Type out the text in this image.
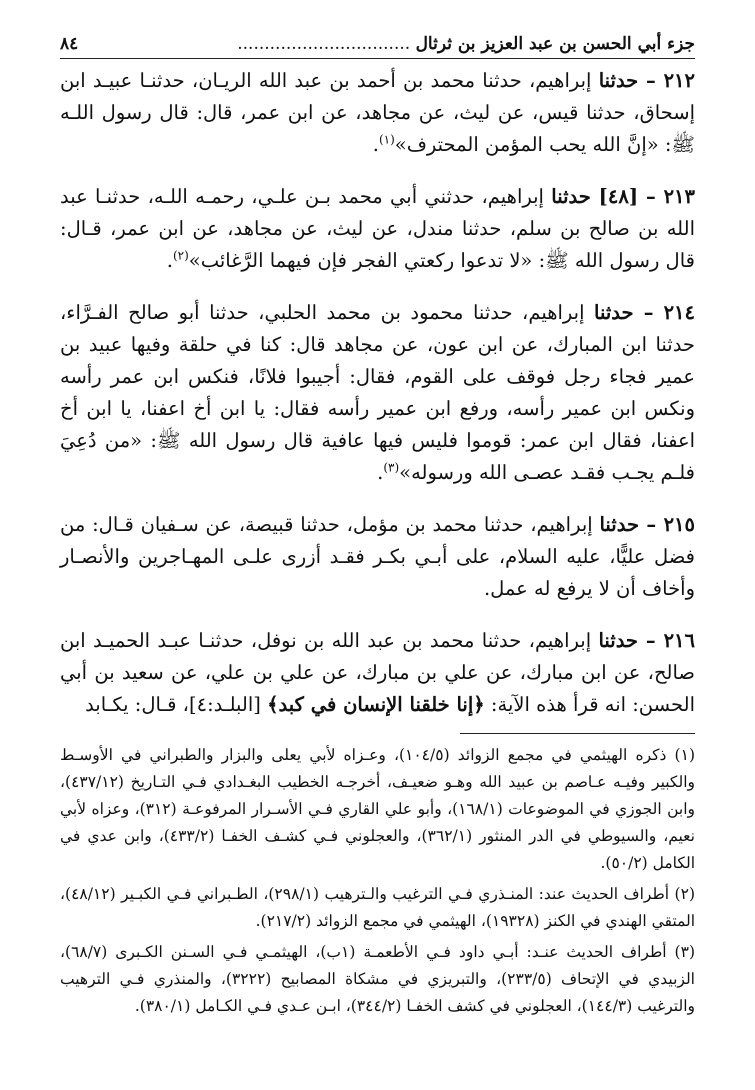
جزء أبي الحسن بن عبد العزيز بن ثرثال .....
٨٤

٢١٢ – حدثنا إبراهيم، حدثنا محمد بن أحمد بن عبد الله الريـان، حدثنـا عبيـد ابن إسحاق، حدثنا قيس، عن ليث، عن مجاهد، عن ابن عمر، قال: قال رسول اللـه ﷺ: «إنَّ الله يحب المؤمن المحترف»$^{(١)}$.

٢١٣ – [٤٨] حدثنا إبراهيم، حدثني أبي محمد بـن علـي، رحمـه اللـه، حدثنـا عبد الله بن صالح بن سلم، حدثنا مندل، عن ليث، عن مجاهد، عن ابن عمر، قـال: قال رسول الله ﷺ: «لا تدعوا ركعتي الفجر فإن فيهما الرَّغائب»$^{(٢)}$.

٢١٤ – حدثنا إبراهيم، حدثنا محمود بن محمد الحلبي، حدثنا أبو صالح الفـرَّاء، حدثنا ابن المبارك، عن ابن عون، عن مجاهد قال: كنا في حلقة وفيها عبيد بن عمير فجاء رجل فوقف على القوم، فقال: أجيبوا فلانًا، فنكس ابن عمر رأسه ونكس ابن عمير رأسه، ورفع ابن عمير رأسه فقال: يا ابن أخ اعفنا، يا ابن أخ اعفنا، فقال ابن عمر: قوموا فليس فيها عافية قال رسول الله ﷺ: «من دُعِيَ فلـم يجـب فقـد عصـى الله ورسوله»$^{(٣)}$.

٢١٥ – حدثنا إبراهيم، حدثنا محمد بن مؤمل، حدثنا قبيصة، عن سـفيان قـال: من فضل عليًّا، عليه السلام، على أبـي بكـر فقـد أزرى علـى المهـاجرين والأنصـار وأخاف أن لا يرفع له عمل.

٢١٦ – حدثنا إبراهيم، حدثنا محمد بن عبد الله بن نوفل، حدثنـا عبـد الحميـد ابن صالح، عن ابن مبارك، عن علي بن مبارك، عن علي بن علي، عن سعيد بن أبي الحسن: انه قرأ هذه الآية: ﴿إنا خلقنا الإنسان في كبد﴾ [البلـد:٤]، قـال: يكـابد

(١) ذكره الهيثمي في مجمع الزوائد (١٠٤/٥)، وعـزاه لأبي يعلى والبزار والطبراني في الأوسـط والكبير وفيـه عـاصم بن عبيد الله وهـو ضعيـف، أخرجـه الخطيب البغـدادي فـي التـاريخ (٤٣٧/١٢)، وابن الجوزي في الموضوعات (١٦٨/١)، وأبو علي القاري فـي الأسـرار المرفوعـة (٣١٢)، وعزاه لأبي نعيم، والسيوطي في الدر المنثور (٣٦٢/١)، والعجلوني فـي كشـف الخفـا (٤٣٣/٢)، وابن عدي في الكامل (٥٠/٢).

(٢) أطراف الحديث عند: المنـذري فـي الترغيب والـترهيب (٢٩٨/١)، الطـبراني فـي الكبـير (٤٨/١٢)، المتقي الهندي في الكنز (١٩٣٢٨)، الهيثمي في مجمع الزوائد (٢١٧/٢).

(٣) أطراف الحديث عنـد: أبـي داود فـي الأطعمـة (١ب)، الهيثمـي فـي السـنن الكـبرى (٦٨/٧)، الزبيدي في الإتحاف (٢٣٣/٥)، والتبريزي في مشكاة المصابيح (٣٢٢٢)، والمنذري فـي الترهيب والترغيب (١٤٤/٣)، العجلوني في كشف الخفـا (٣٤٤/٢)، ابـن عـدي فـي الكـامل (٣٨٠/١).
